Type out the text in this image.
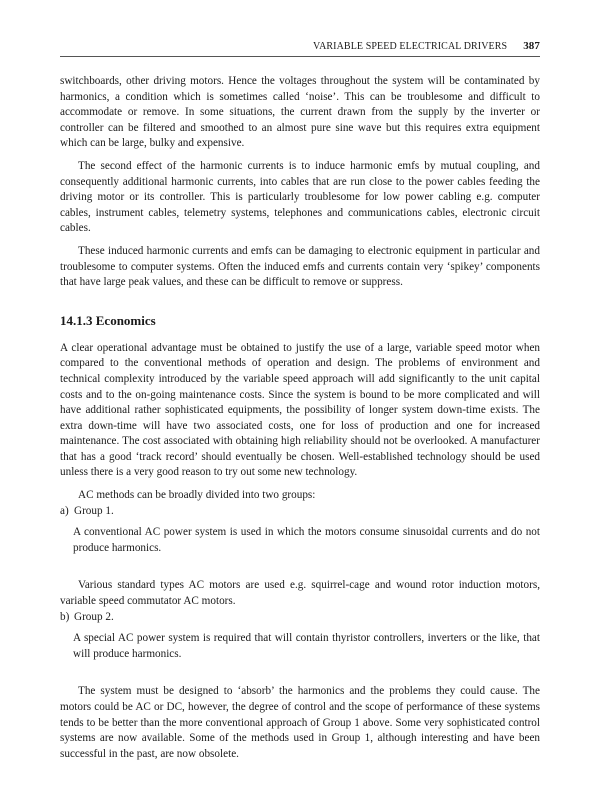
VARIABLE SPEED ELECTRICAL DRIVERS 387

switchboards, other driving motors. Hence the voltages throughout the system will be contaminated by harmonics, a condition which is sometimes called ‘noise’. This can be troublesome and difficult to accommodate or remove. In some situations, the current drawn from the supply by the inverter or controller can be filtered and smoothed to an almost pure sine wave but this requires extra equipment which can be large, bulky and expensive.

The second effect of the harmonic currents is to induce harmonic emfs by mutual coupling, and consequently additional harmonic currents, into cables that are run close to the power cables feeding the driving motor or its controller. This is particularly troublesome for low power cabling e.g. computer cables, instrument cables, telemetry systems, telephones and communications cables, electronic circuit cables.

These induced harmonic currents and emfs can be damaging to electronic equipment in particular and troublesome to computer systems. Often the induced emfs and currents contain very ‘spikey’ components that have large peak values, and these can be difficult to remove or suppress.

14.1.3 Economics

A clear operational advantage must be obtained to justify the use of a large, variable speed motor when compared to the conventional methods of operation and design. The problems of environment and technical complexity introduced by the variable speed approach will add significantly to the unit capital costs and to the on-going maintenance costs. Since the system is bound to be more complicated and will have additional rather sophisticated equipments, the possibility of longer system down-time exists. The extra down-time will have two associated costs, one for loss of production and one for increased maintenance. The cost associated with obtaining high reliability should not be overlooked. A manufacturer that has a good ‘track record’ should eventually be chosen. Well-established technology should be used unless there is a very good reason to try out some new technology.

AC methods can be broadly divided into two groups:

a) Group 1.

A conventional AC power system is used in which the motors consume sinusoidal currents and do not produce harmonics.

Various standard types AC motors are used e.g. squirrel-cage and wound rotor induction motors, variable speed commutator AC motors.

b) Group 2.

A special AC power system is required that will contain thyristor controllers, inverters or the like, that will produce harmonics.

The system must be designed to ‘absorb’ the harmonics and the problems they could cause. The motors could be AC or DC, however, the degree of control and the scope of performance of these systems tends to be better than the more conventional approach of Group 1 above. Some very sophisticated control systems are now available. Some of the methods used in Group 1, although interesting and have been successful in the past, are now obsolete.
